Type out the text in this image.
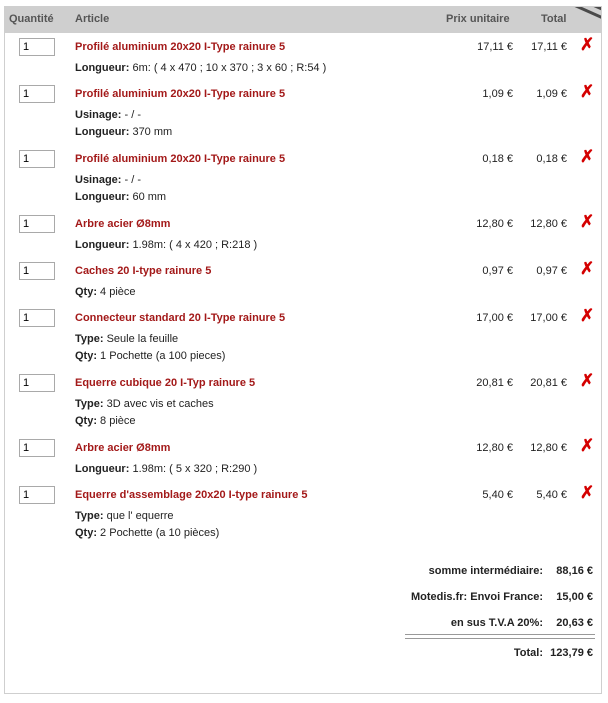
Quantité Article	Prix unitaire	Total
1
Profilé aluminium 20x20 I-Type rainure 5	17,11 € 17,11 € ✗
Longueur: 6m: ( 4 x 470 ; 10 x 370 ; 3 x 60 ; R:54 )
1
Profilé aluminium 20x20 I-Type rainure 5	1,09 € 1,09 € ✗
Usinage: - / -
Longueur: 370 mm
1
Profilé aluminium 20x20 I-Type rainure 5	0,18 € 0,18 € ✗
Usinage: - / -
Longueur: 60 mm
1
Arbre acier Ø8mm	12,80 € 12,80 € ✗
Longueur: 1.98m: ( 4 x 420 ; R:218 )
1
Caches 20 I-type rainure 5	0,97 € 0,97 € ✗
Qty: 4 pièce
1
Connecteur standard 20 I-Type rainure 5	17,00 € 17,00 € ✗
Type: Seule la feuille
Qty: 1 Pochette (a 100 pieces)
1
Equerre cubique 20 I-Typ rainure 5	20,81 € 20,81 € ✗
Type: 3D avec vis et caches
Qty: 8 pièce
1
Arbre acier Ø8mm	12,80 € 12,80 € ✗
Longueur: 1.98m: ( 5 x 320 ; R:290 )
1
Equerre d'assemblage 20x20 I-type rainure 5	5,40 € 5,40 € ✗
Type: que l' equerre
Qty: 2 Pochette (a 10 pièces)
somme intermédiaire: 88,16 €
Motedis.fr: Envoi France: 15,00 €
en sus T.V.A 20%: 20,63 €
Total: 123,79 €
